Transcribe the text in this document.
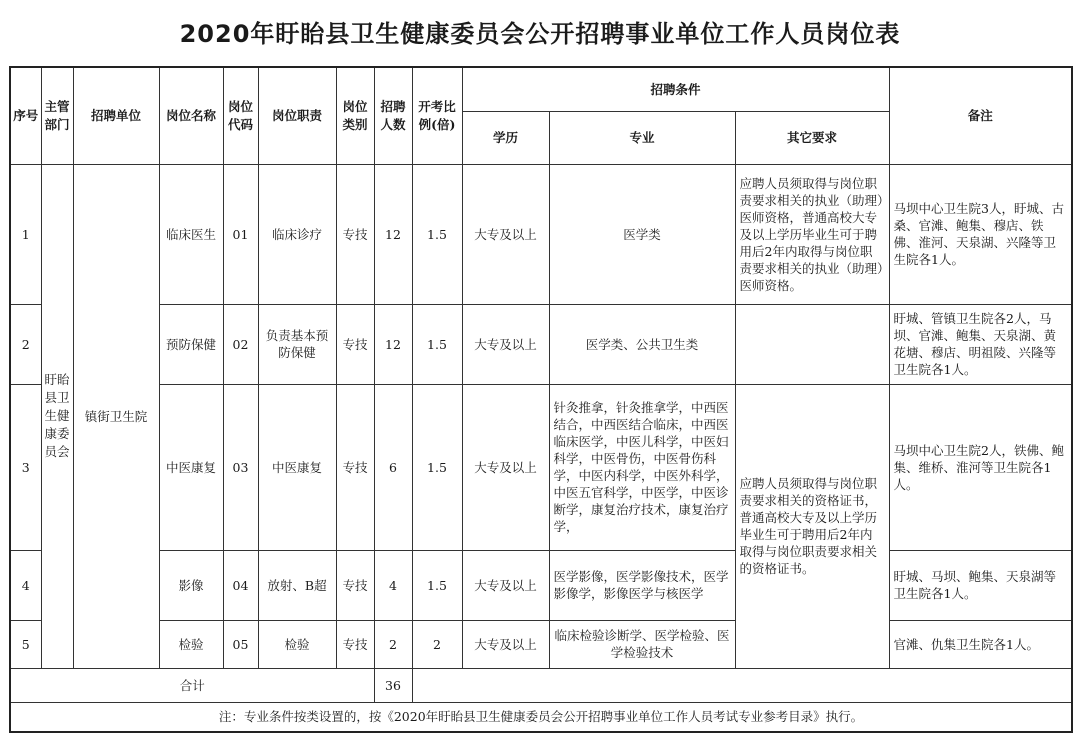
2020年盱眙县卫生健康委员会公开招聘事业单位工作人员岗位表
序号	主管部门	招聘单位	岗位名称	岗位代码	岗位职责	岗位类别	招聘人数	开考比例(倍)	招聘条件			备注
									学历	专业	其它要求	
1	盱眙县卫生健康委员会	镇街卫生院	临床医生	01	临床诊疗	专技	12	1.5	大专及以上	医学类	应聘人员须取得与岗位职责要求相关的执业（助理）医师资格，普通高校大专及以上学历毕业生可于聘用后2年内取得与岗位职责要求相关的执业（助理）医师资格。	马坝中心卫生院3人，盱城、古桑、官滩、鲍集、穆店、铁佛、淮河、天泉湖、兴隆等卫生院各1人。
2			预防保健	02	负责基本预防保健	专技	12	1.5	大专及以上	医学类、公共卫生类		盱城、管镇卫生院各2人，马坝、官滩、鲍集、天泉湖、黄花塘、穆店、明祖陵、兴隆等卫生院各1人。
3			中医康复	03	中医康复	专技	6	1.5	大专及以上	针灸推拿，针灸推拿学，中西医结合，中西医结合临床，中西医临床医学，中医儿科学，中医妇科学，中医骨伤，中医骨伤科学，中医内科学，中医外科学，中医五官科学，中医学，中医诊断学，康复治疗技术，康复治疗学，	应聘人员须取得与岗位职责要求相关的资格证书，普通高校大专及以上学历毕业生可于聘用后2年内取得与岗位职责要求相关的资格证书。	马坝中心卫生院2人，铁佛、鲍集、维桥、淮河等卫生院各1人。
4			影像	04	放射、B超	专技	4	1.5	大专及以上	医学影像，医学影像技术，医学影像学，影像医学与核医学		盱城、马坝、鲍集、天泉湖等卫生院各1人。
5			检验	05	检验	专技	2	2	大专及以上	临床检验诊断学、医学检验、医学检验技术		官滩、仇集卫生院各1人。
合计							36					
注：专业条件按类设置的，按《2020年盱眙县卫生健康委员会公开招聘事业单位工作人员考试专业参考目录》执行。												
